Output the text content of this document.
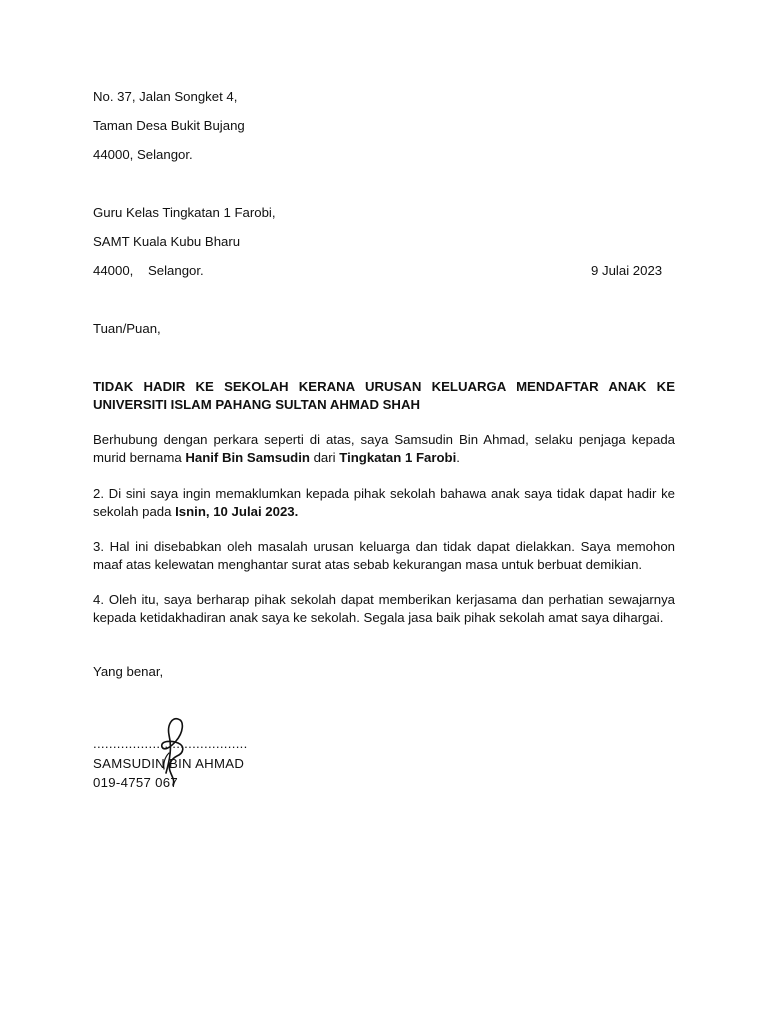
No. 37, Jalan Songket 4,
Taman Desa Bukit Bujang
44000, Selangor.
Guru Kelas Tingkatan 1 Farobi,
SAMT Kuala Kubu Bharu
44000,    Selangor.	9 Julai 2023
Tuan/Puan,
TIDAK HADIR KE SEKOLAH KERANA URUSAN KELUARGA MENDAFTAR ANAK KE UNIVERSITI ISLAM PAHANG SULTAN AHMAD SHAH
Berhubung dengan perkara seperti di atas, saya Samsudin Bin Ahmad, selaku penjaga kepada murid bernama Hanif Bin Samsudin dari Tingkatan 1 Farobi.
2. Di sini saya ingin memaklumkan kepada pihak sekolah bahawa anak saya tidak dapat hadir ke sekolah pada Isnin, 10 Julai 2023.
3. Hal ini disebabkan oleh masalah urusan keluarga dan tidak dapat dielakkan. Saya memohon maaf atas kelewatan menghantar surat atas sebab kekurangan masa untuk berbuat demikian.
4. Oleh itu, saya berharap pihak sekolah dapat memberikan kerjasama dan perhatian sewajarnya kepada ketidakhadiran anak saya ke sekolah. Segala jasa baik pihak sekolah amat saya dihargai.
Yang benar,
.......................................
SAMSUDIN BIN AHMAD
019-4757 067
